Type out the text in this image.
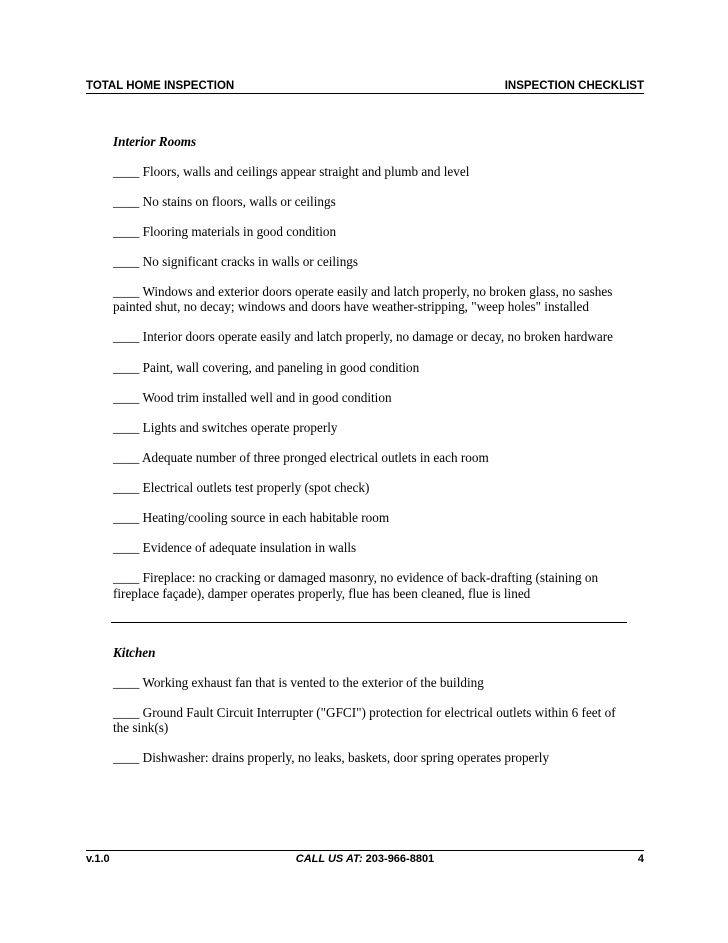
TOTAL HOME INSPECTION	INSPECTION CHECKLIST

Interior Rooms

____ Floors, walls and ceilings appear straight and plumb and level

____ No stains on floors, walls or ceilings

____ Flooring materials in good condition

____ No significant cracks in walls or ceilings

____ Windows and exterior doors operate easily and latch properly, no broken glass, no sashes painted shut, no decay; windows and doors have weather-stripping, "weep holes" installed

____ Interior doors operate easily and latch properly, no damage or decay, no broken hardware

____ Paint, wall covering, and paneling in good condition

____ Wood trim installed well and in good condition

____ Lights and switches operate properly

____ Adequate number of three pronged electrical outlets in each room

____ Electrical outlets test properly (spot check)

____ Heating/cooling source in each habitable room

____ Evidence of adequate insulation in walls

____ Fireplace: no cracking or damaged masonry, no evidence of back-drafting (staining on fireplace façade), damper operates properly, flue has been cleaned, flue is lined

Kitchen

____ Working exhaust fan that is vented to the exterior of the building

____ Ground Fault Circuit Interrupter ("GFCI") protection for electrical outlets within 6 feet of the sink(s)

____ Dishwasher: drains properly, no leaks, baskets, door spring operates properly

v.1.0	CALL US AT: 203-966-8801	4
